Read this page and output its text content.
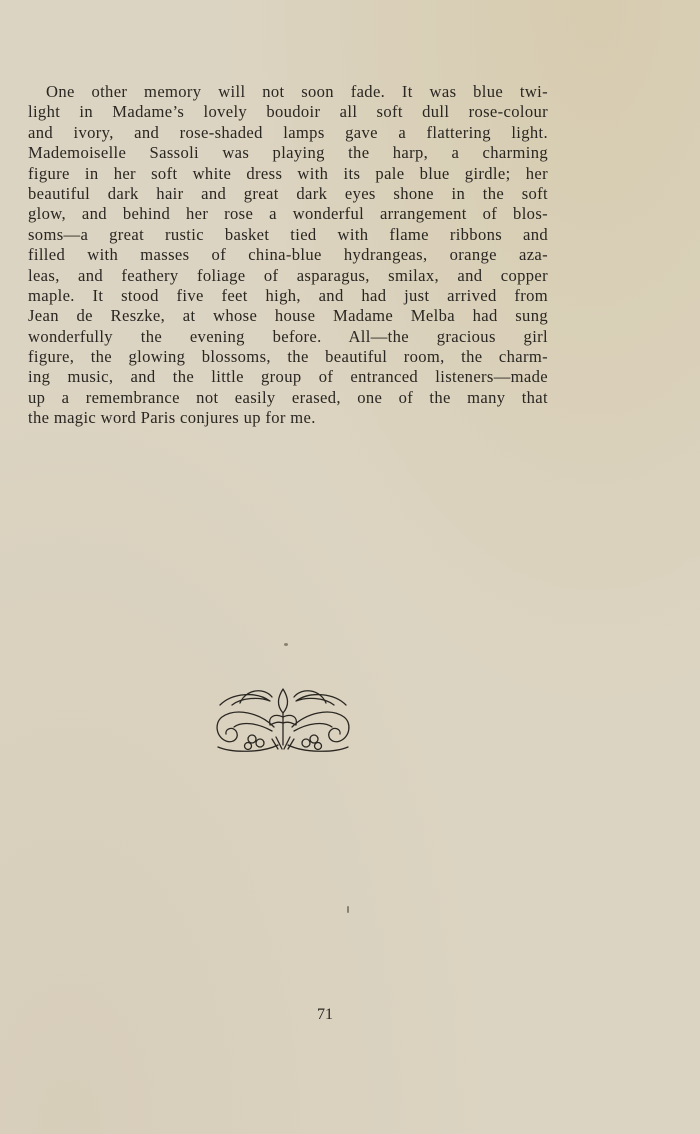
One other memory will not soon fade. It was blue twi-
light in Madame’s lovely boudoir all soft dull rose-colour
and ivory, and rose-shaded lamps gave a flattering light.
Mademoiselle Sassoli was playing the harp, a charming
figure in her soft white dress with its pale blue girdle; her
beautiful dark hair and great dark eyes shone in the soft
glow, and behind her rose a wonderful arrangement of blos-
soms—a great rustic basket tied with flame ribbons and
filled with masses of china-blue hydrangeas, orange aza-
leas, and feathery foliage of asparagus, smilax, and copper
maple. It stood five feet high, and had just arrived from
Jean de Reszke, at whose house Madame Melba had sung
wonderfully the evening before. All—the gracious girl
figure, the glowing blossoms, the beautiful room, the charm-
ing music, and the little group of entranced listeners—made
up a remembrance not easily erased, one of the many that
the magic word Paris conjures up for me.
71
